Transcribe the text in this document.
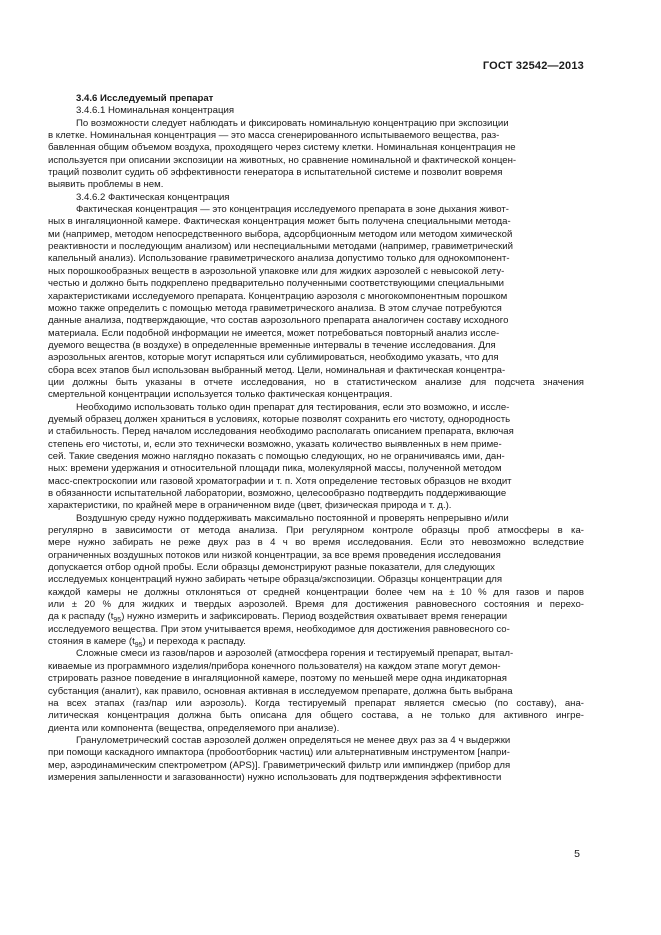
ГОСТ 32542—2013
3.4.6 Исследуемый препарат
3.4.6.1 Номинальная концентрация
По возможности следует наблюдать и фиксировать номинальную концентрацию при экспозиции
в клетке. Номинальная концентрация — это масса сгенерированного испытываемого вещества, раз-
бавленная общим объемом воздуха, проходящего через систему клетки. Номинальная концентрация не
используется при описании экспозиции на животных, но сравнение номинальной и фактической концен-
траций позволит судить об эффективности генератора в испытательной системе и позволит вовремя
выявить проблемы в нем.
3.4.6.2 Фактическая концентрация
Фактическая концентрация — это концентрация исследуемого препарата в зоне дыхания живот-
ных в ингаляционной камере. Фактическая концентрация может быть получена специальными метода-
ми (например, методом непосредственного выбора, адсорбционным методом или методом химической
реактивности и последующим анализом) или неспециальными методами (например, гравиметрический
капельный анализ). Использование гравиметрического анализа допустимо только для однокомпонент-
ных порошкообразных веществ в аэрозольной упаковке или для жидких аэрозолей с невысокой лету-
честью и должно быть подкреплено предварительно полученными соответствующими специальными
характеристиками исследуемого препарата. Концентрацию аэрозоля с многокомпонентным порошком
можно также определить с помощью метода гравиметрического анализа. В этом случае потребуются
данные анализа, подтверждающие, что состав аэрозольного препарата аналогичен составу исходного
материала. Если подобной информации не имеется, может потребоваться повторный анализ иссле-
дуемого вещества (в воздухе) в определенные временные интервалы в течение исследования. Для
аэрозольных агентов, которые могут испаряться или сублимироваться, необходимо указать, что для
сбора всех этапов был использован выбранный метод. Цели, номинальная и фактическая концентра-
ции должны быть указаны в отчете исследования, но в статистическом анализе для подсчета значения
смертельной концентрации используется только фактическая концентрация.
Необходимо использовать только один препарат для тестирования, если это возможно, и иссле-
дуемый образец должен храниться в условиях, которые позволят сохранить его чистоту, однородность
и стабильность. Перед началом исследования необходимо располагать описанием препарата, включая
степень его чистоты, и, если это технически возможно, указать количество выявленных в нем приме-
сей. Такие сведения можно наглядно показать с помощью следующих, но не ограничиваясь ими, дан-
ных: времени удержания и относительной площади пика, молекулярной массы, полученной методом
масс-спектроскопии или газовой хроматографии и т. п. Хотя определение тестовых образцов не входит
в обязанности испытательной лаборатории, возможно, целесообразно подтвердить поддерживающие
характеристики, по крайней мере в ограниченном виде (цвет, физическая природа и т. д.).
Воздушную среду нужно поддерживать максимально постоянной и проверять непрерывно и/или
регулярно в зависимости от метода анализа. При регулярном контроле образцы проб атмосферы в ка-
мере нужно забирать не реже двух раз в 4 ч во время исследования. Если это невозможно вследствие
ограниченных воздушных потоков или низкой концентрации, за все время проведения исследования
допускается отбор одной пробы. Если образцы демонстрируют разные показатели, для следующих
исследуемых концентраций нужно забирать четыре образца/экспозиции. Образцы концентрации для
каждой камеры не должны отклоняться от средней концентрации более чем на ± 10 % для газов и паров
или ± 20 % для жидких и твердых аэрозолей. Время для достижения равновесного состояния и перехо-
да к распаду $(t_{95})$ нужно измерить и зафиксировать. Период воздействия охватывает время генерации
исследуемого вещества. При этом учитывается время, необходимое для достижения равновесного со-
стояния в камере $(t_{95})$ и перехода к распаду.
Сложные смеси из газов/паров и аэрозолей (атмосфера горения и тестируемый препарат, вытал-
киваемые из программного изделия/прибора конечного пользователя) на каждом этапе могут демон-
стрировать разное поведение в ингаляционной камере, поэтому по меньшей мере одна индикаторная
субстанция (аналит), как правило, основная активная в исследуемом препарате, должна быть выбрана
на всех этапах (газ/пар или аэрозоль). Когда тестируемый препарат является смесью (по составу), ана-
литическая концентрация должна быть описана для общего состава, а не только для активного ингре-
диента или компонента (вещества, определяемого при анализе).
Гранулометрический состав аэрозолей должен определяться не менее двух раз за 4 ч выдержки
при помощи каскадного импактора (пробоотборник частиц) или альтернативным инструментом [напри-
мер, аэродинамическим спектрометром (APS)]. Гравиметрический фильтр или импинджер (прибор для
измерения запыленности и загазованности) нужно использовать для подтверждения эффективности
5
